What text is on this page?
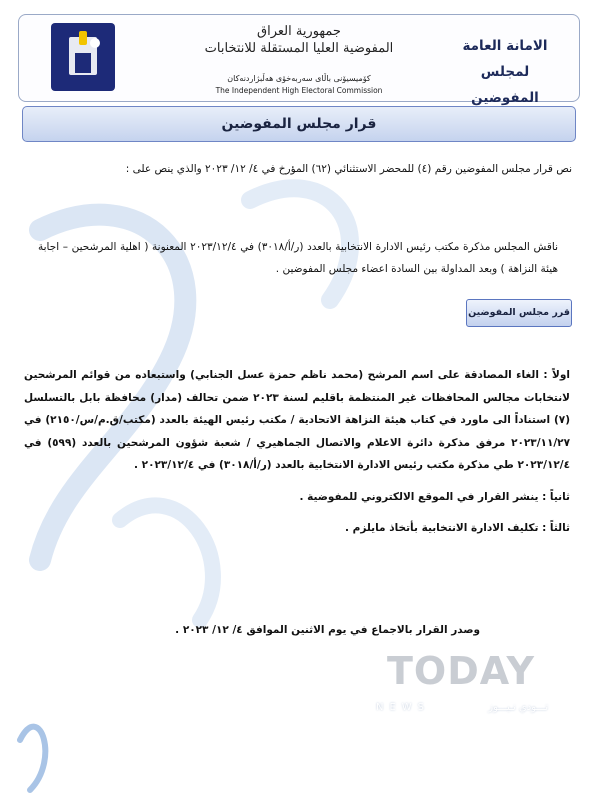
جمهورية العراق
المفوضية العليا المستقلة للانتخابات
کۆمیسیۆنی باڵای سەربەخۆی هەڵبژاردنەکان
The Independent High Electoral Commission
الامانة العامة
لمجلس المفوضين
قرار مجلس المفوضين
نص قرار مجلس المفوضين رقم (٤) للمحضر الاستثنائي (٦٢) المؤرخ في ٤/ ١٢/ ٢٠٢٣ والذي ينص على :
ناقش المجلس مذكرة مكتب رئيس الادارة الانتخابية بالعدد (ر/أ/٣٠١٨) في ٢٠٢٣/١٢/٤ المعنونة ( اهلية المرشحين – اجابة هيئة النزاهة ) وبعد المداولة بين السادة اعضاء مجلس المفوضين .
قرر مجلس المفوضين

اولاً : الغاء المصادقة على اسم المرشح (محمد ناظم حمزة عسل الجنابي) واستبعاده من قوائم المرشحين لانتخابات مجالس المحافظات غير المنتظمة باقليم لسنة ٢٠٢٣ ضمن تحالف (مدار) محافظة بابل بالتسلسل (٧) استناداً الى ماورد في كتاب هيئة النزاهة الاتحادية / مكتب رئيس الهيئة بالعدد (مكتب/ق.م/س/٢١٥٠) في ٢٠٢٣/١١/٢٧ مرفق مذكرة دائرة الاعلام والاتصال الجماهيري / شعبة شؤون المرشحين بالعدد (٥٩٩) في ٢٠٢٣/١٢/٤ طي مذكرة مكتب رئيس الادارة الانتخابية بالعدد (ر/أ/٣٠١٨) في ٢٠٢٣/١٢/٤ .

ثانياً : ينشر القرار في الموقع الالكتروني للمفوضية .

ثالثاً : تكليف الادارة الانتخابية بأتخاذ مايلزم .

وصدر القرار بالاجماع في يوم الاثنين الموافق ٤/ ١٢/ ٢٠٢٣ .
TODAY
NEWS	تـــودي نـيـــوز
